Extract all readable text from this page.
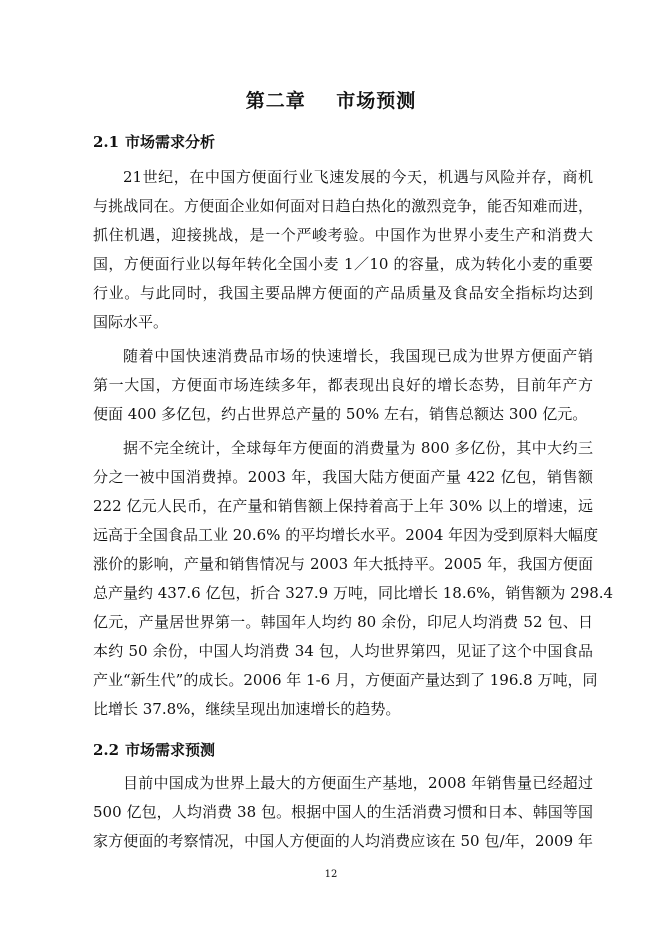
第二章    市场预测
2.1 市场需求分析
21世纪，在中国方便面行业飞速发展的今天，机遇与风险并存，商机
与挑战同在。方便面企业如何面对日趋白热化的激烈竞争，能否知难而进，
抓住机遇，迎接挑战，是一个严峻考验。中国作为世界小麦生产和消费大
国，方便面行业以每年转化全国小麦 1／10 的容量，成为转化小麦的重要
行业。与此同时，我国主要品牌方便面的产品质量及食品安全指标均达到
国际水平。
随着中国快速消费品市场的快速增长，我国现已成为世界方便面产销
第一大国，方便面市场连续多年，都表现出良好的增长态势，目前年产方
便面 400 多亿包，约占世界总产量的 50% 左右，销售总额达 300 亿元。
据不完全统计，全球每年方便面的消费量为 800 多亿份，其中大约三
分之一被中国消费掉。2003 年，我国大陆方便面产量 422 亿包，销售额
222 亿元人民币，在产量和销售额上保持着高于上年 30% 以上的增速，远
远高于全国食品工业 20.6% 的平均增长水平。2004 年因为受到原料大幅度
涨价的影响，产量和销售情况与 2003 年大抵持平。2005 年，我国方便面
总产量约 437.6 亿包，折合 327.9 万吨，同比增长 18.6%，销售额为 298.4
亿元，产量居世界第一。韩国年人均约 80 余份，印尼人均消费 52 包、日
本约 50 余份，中国人均消费 34 包，人均世界第四，见证了这个中国食品
产业“新生代”的成长。2006 年 1-6 月，方便面产量达到了 196.8 万吨，同
比增长 37.8%，继续呈现出加速增长的趋势。
2.2 市场需求预测
目前中国成为世界上最大的方便面生产基地，2008 年销售量已经超过
500 亿包，人均消费 38 包。根据中国人的生活消费习惯和日本、韩国等国
家方便面的考察情况，中国人方便面的人均消费应该在 50 包/年，2009 年
12
